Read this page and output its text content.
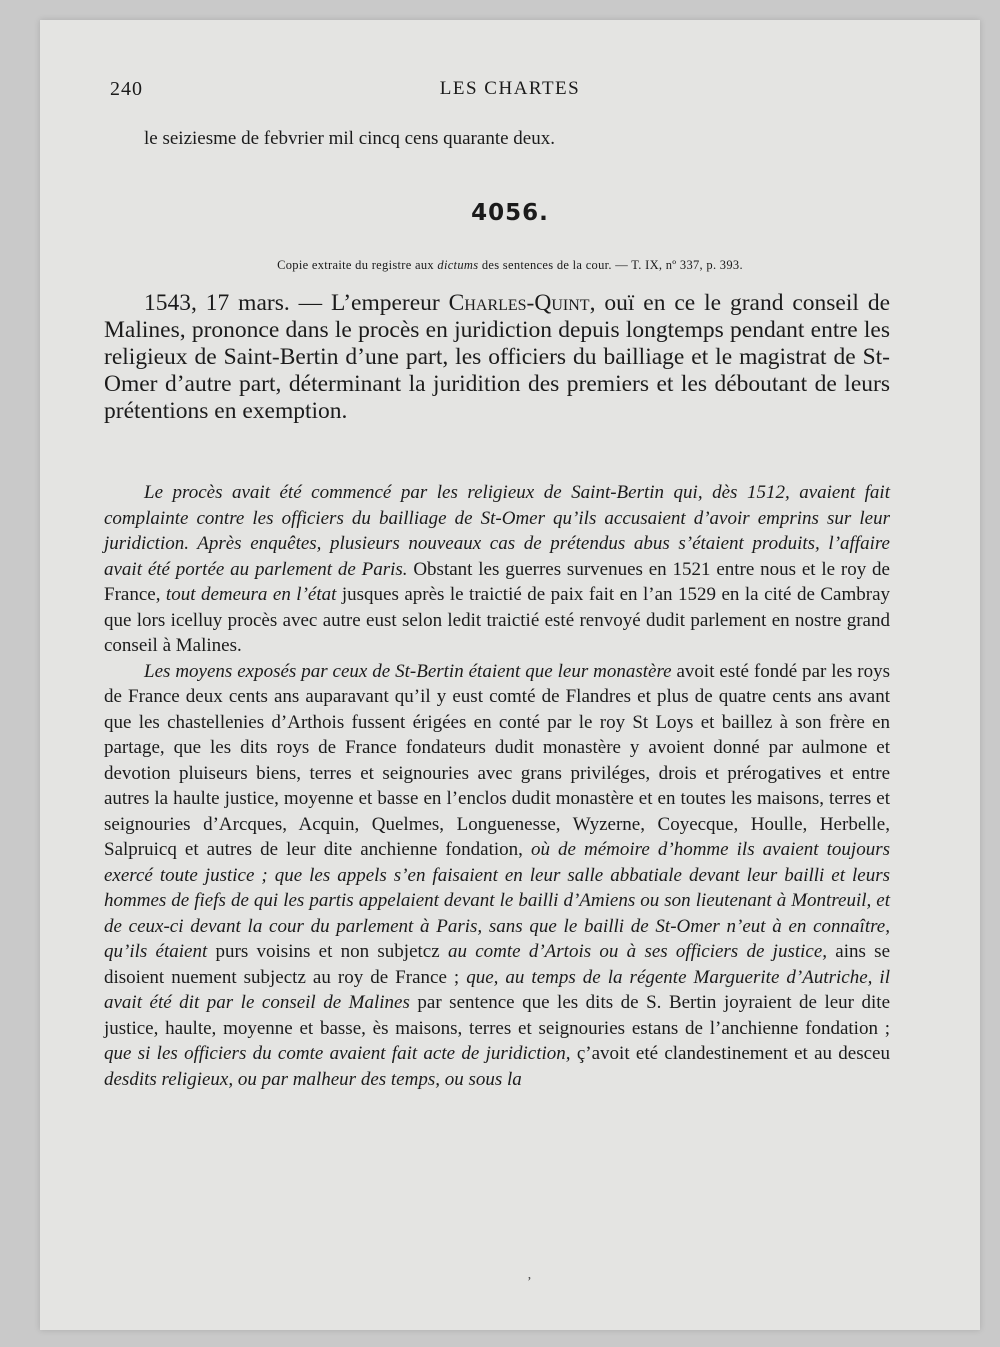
240	LES CHARTES
le seiziesme de febvrier mil cincq cens quarante deux.
4056.
Copie extraite du registre aux dictums des sentences de la cour. — T. IX, nº 337, p. 393.

1543, 17 mars. — L’empereur Charles-Quint, ouï en ce le grand conseil de Malines, prononce dans le procès en juridiction depuis longtemps pendant entre les religieux de Saint-Bertin d’une part, les officiers du bailliage et le magistrat de St-Omer d’autre part, déterminant la juridition des premiers et les déboutant de leurs prétentions en exemption.

Le procès avait été commencé par les religieux de Saint-Bertin qui, dès 1512, avaient fait complainte contre les officiers du bailliage de St-Omer qu’ils accusaient d’avoir emprins sur leur juridiction. Après enquêtes, plusieurs nouveaux cas de prétendus abus s’étaient produits, l’affaire avait été portée au parlement de Paris. Obstant les guerres survenues en 1521 entre nous et le roy de France, tout demeura en l’état jusques après le traictié de paix fait en l’an 1529 en la cité de Cambray que lors icelluy procès avec autre eust selon ledit traictié esté renvoyé dudit parlement en nostre grand conseil à Malines.

Les moyens exposés par ceux de St-Bertin étaient que leur monastère avoit esté fondé par les roys de France deux cents ans auparavant qu’il y eust comté de Flandres et plus de quatre cents ans avant que les chastellenies d’Arthois fussent érigées en conté par le roy St Loys et baillez à son frère en partage, que les dits roys de France fondateurs dudit monastère y avoient donné par aulmone et devotion pluiseurs biens, terres et seignouries avec grans priviléges, drois et prérogatives et entre autres la haulte justice, moyenne et basse en l’enclos dudit monastère et en toutes les maisons, terres et seignouries d’Arcques, Acquin, Quelmes, Longuenesse, Wyzerne, Coyecque, Houlle, Herbelle, Salpruicq et autres de leur dite anchienne fondation, où de mémoire d’homme ils avaient toujours exercé toute justice ; que les appels s’en faisaient en leur salle abbatiale devant leur bailli et leurs hommes de fiefs de qui les partis appelaient devant le bailli d’Amiens ou son lieutenant à Montreuil, et de ceux-ci devant la cour du parlement à Paris, sans que le bailli de St-Omer n’eut à en connaître, qu’ils étaient purs voisins et non subjetcz au comte d’Artois ou à ses officiers de justice, ains se disoient nuement subjectz au roy de France ; que, au temps de la régente Marguerite d’Autriche, il avait été dit par le conseil de Malines par sentence que les dits de S. Bertin joyraient de leur dite justice, haulte, moyenne et basse, ès maisons, terres et seignouries estans de l’anchienne fondation ; que si les officiers du comte avaient fait acte de juridiction, ç’avoit eté clandestinement et au desceu desdits religieux, ou par malheur des temps, ou sous la

’
